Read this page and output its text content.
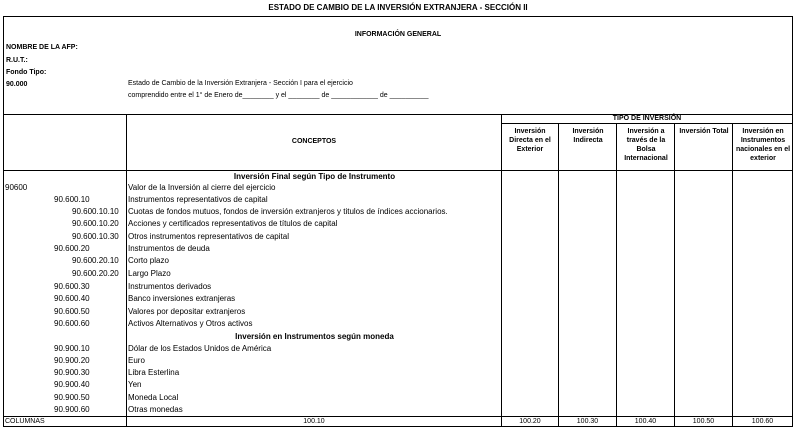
ESTADO DE CAMBIO DE LA INVERSIÓN EXTRANJERA - SECCIÓN II
INFORMACIÓN GENERAL
NOMBRE DE LA AFP:
R.U.T.:
Fondo Tipo:
90.000	Estado de Cambio de la Inversión Extranjera - Sección I para el ejercicio
comprendido entre el 1° de Enero de________ y el ________ de ____________ de __________
CONCEPTOS
TIPO DE INVERSIÓN
Inversión Directa en el Exterior
Inversión Indirecta
Inversión a través de la Bolsa Internacional
Inversión Total	Inversión en Instrumentos nacionales en el exterior
Inversión Final según Tipo de Instrumento
90600	Valor de la Inversión al cierre del ejercicio
90.600.10	Instrumentos representativos de capital
90.600.10.10 Cuotas de fondos mutuos, fondos de inversión extranjeros y titulos de índices accionarios.
90.600.10.20 Acciones y certificados representativos de títulos de capital
90.600.10.30 Otros instrumentos representativos de capital
90.600.20	Instrumentos de deuda
90.600.20.10 Corto plazo
90.600.20.20 Largo Plazo
90.600.30	Instrumentos derivados
90.600.40	Banco inversiones extranjeras
90.600.50	Valores por depositar extranjeros
90.600.60	Activos Alternativos y Otros activos
Inversión en Instrumentos según moneda
90.900.10	Dólar de los Estados Unidos de América
90.900.20	Euro
90.900.30	Libra Esterlina
90.900.40	Yen
90.900.50	Moneda Local
90.900.60	Otras monedas
COLUMNAS	100.10	100.20	100.30	100.40	100.50	100.60
